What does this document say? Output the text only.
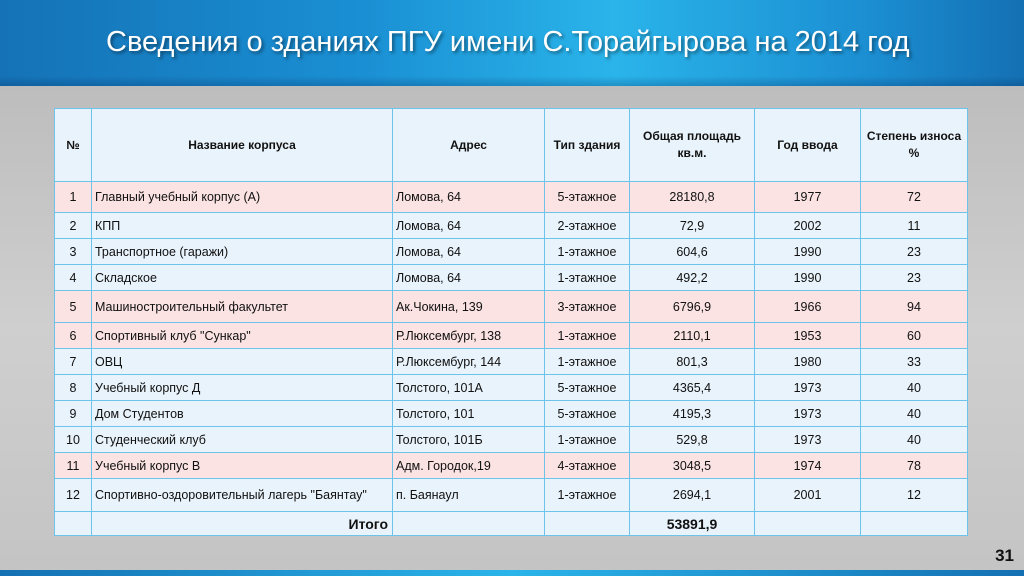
Сведения о зданиях ПГУ имени С.Торайгырова на 2014 год
№	Название корпуса	Адрес	Тип здания	Общая площадь кв.м.	Год ввода	Степень износа %
1	Главный учебный корпус (А)	Ломова, 64	5-этажное	28180,8	1977	72
2	КПП	Ломова, 64	2-этажное	72,9	2002	11
3	Транспортное (гаражи)	Ломова, 64	1-этажное	604,6	1990	23
4	Складское	Ломова, 64	1-этажное	492,2	1990	23
5	Машиностроительный факультет	Ак.Чокина, 139	3-этажное	6796,9	1966	94
6	Спортивный клуб "Сункар"	Р.Люксембург, 138	1-этажное	2110,1	1953	60
7	ОВЦ	Р.Люксембург, 144	1-этажное	801,3	1980	33
8	Учебный корпус Д	Толстого, 101А	5-этажное	4365,4	1973	40
9	Дом Студентов	Толстого, 101	5-этажное	4195,3	1973	40
10	Студенческий клуб	Толстого, 101Б	1-этажное	529,8	1973	40
11	Учебный корпус В	Адм. Городок,19	4-этажное	3048,5	1974	78
12	Спортивно-оздоровительный лагерь "Баянтау"	п. Баянаул	1-этажное	2694,1	2001	12
	Итого			53891,9		
31
